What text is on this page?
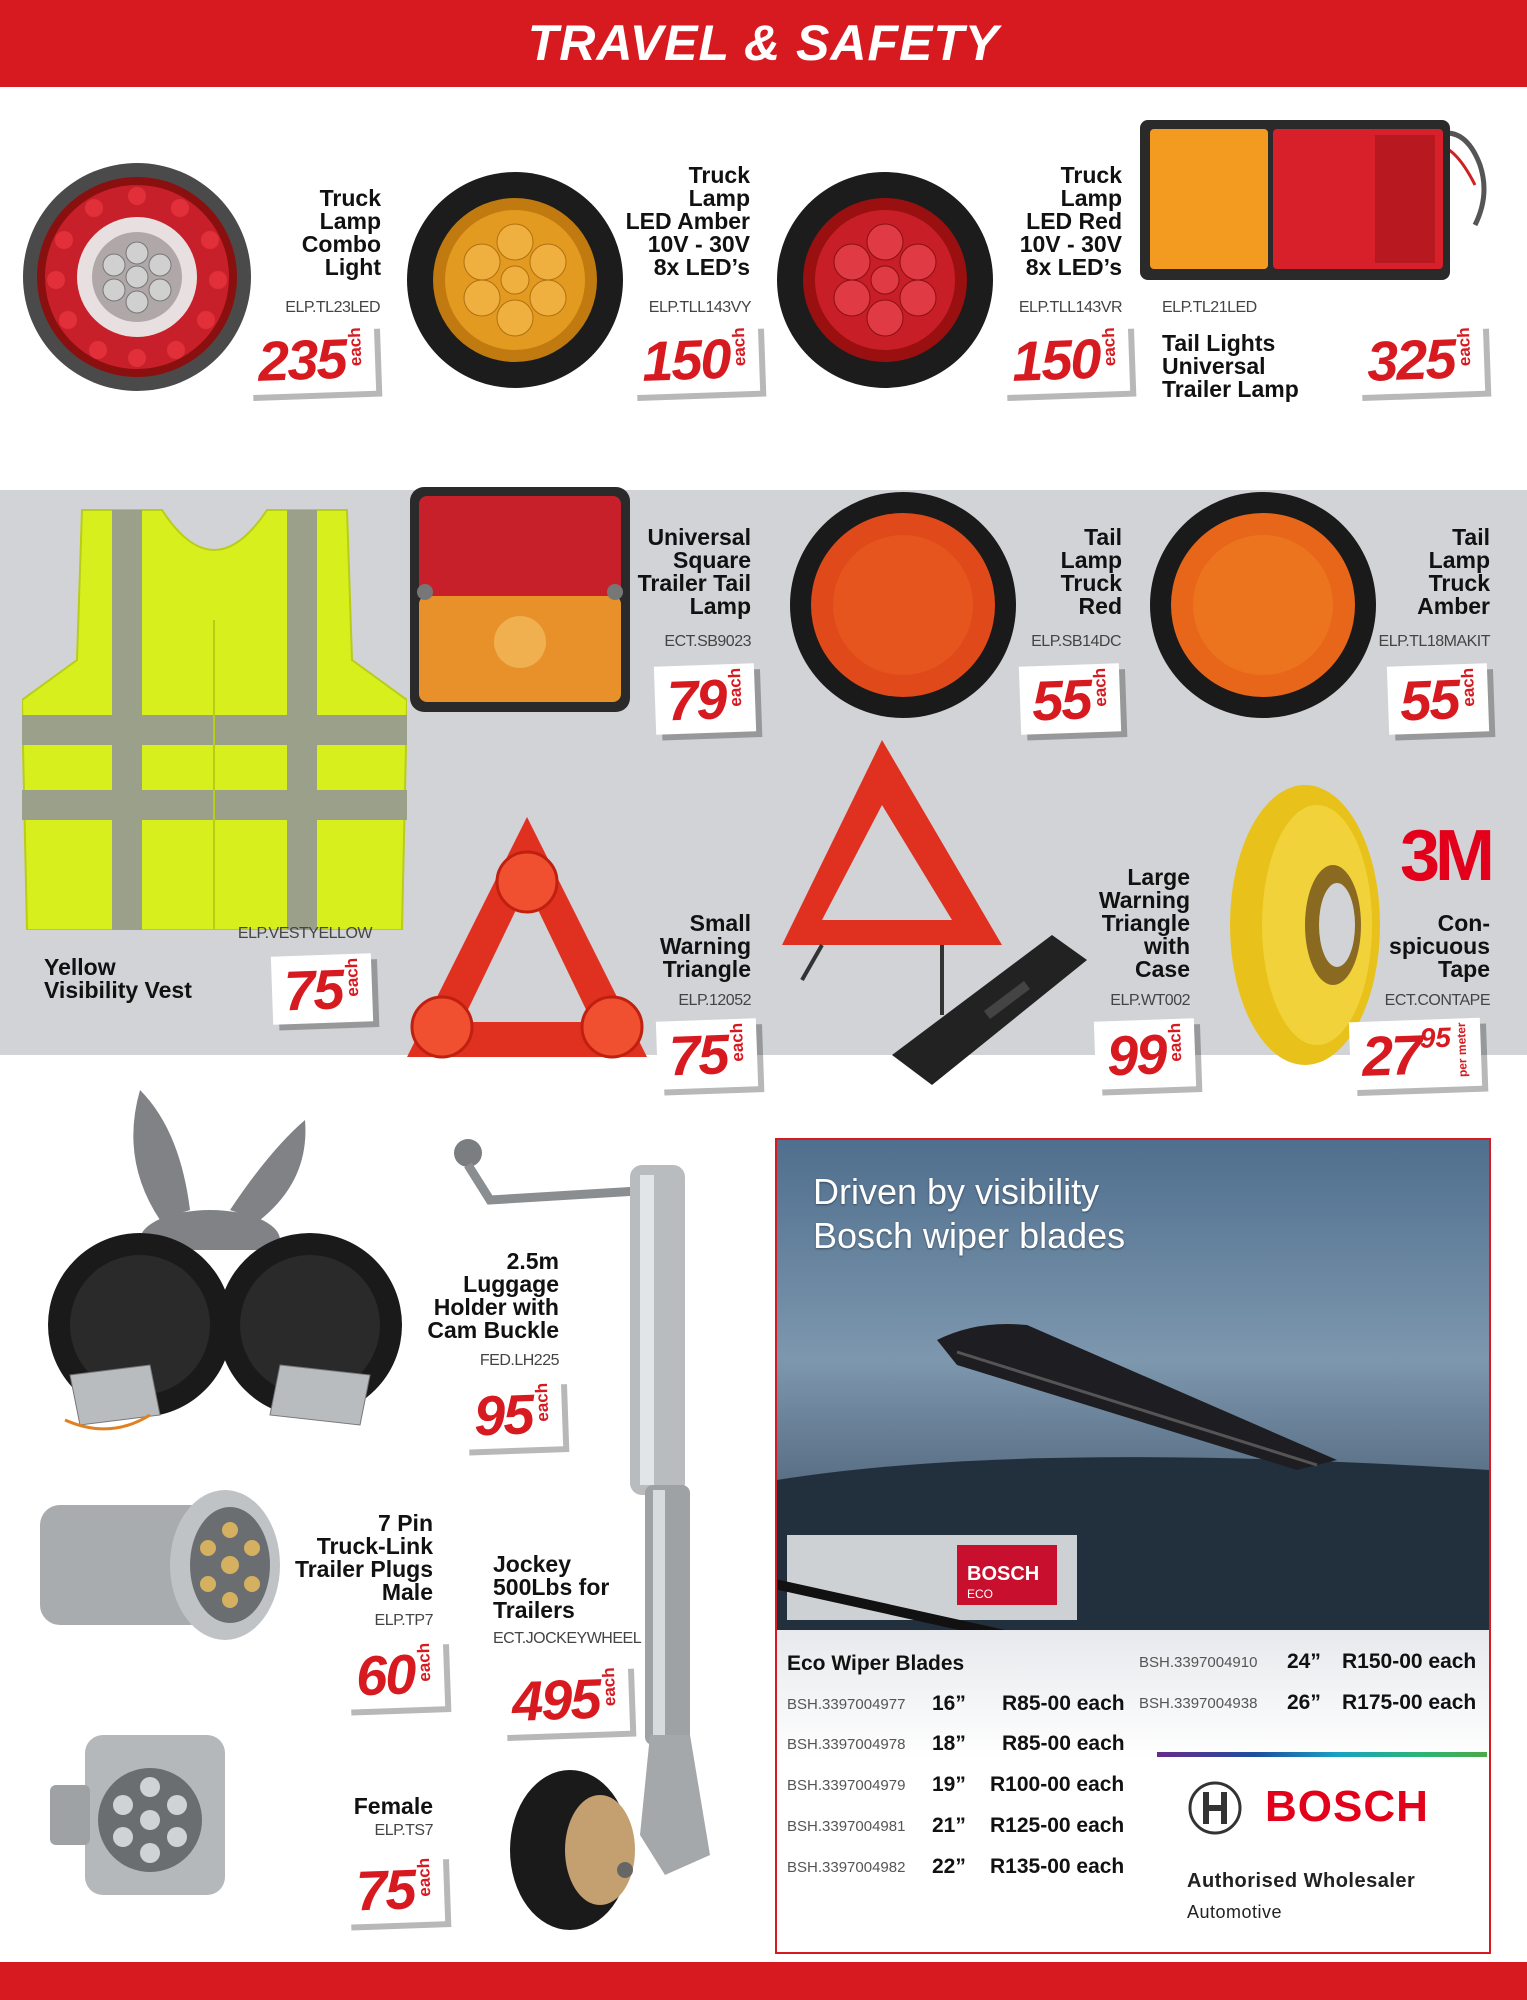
TRAVEL & SAFETY
Truck
Lamp
Combo
Light
ELP.TL23LED
235
each
Truck
Lamp
LED Amber
10V - 30V
8x LED’s
ELP.TLL143VY
150
each
Truck
Lamp
LED Red
10V - 30V
8x LED’s
ELP.TLL143VR
150
each
ELP.TL21LED
Tail Lights
Universal
Trailer Lamp 325
each
ELP.VESTYELLOW
Yellow
Visibility Vest 75
each
Universal
Square
Trailer Tail
Lamp
ECT.SB9023
79
each
Tail
Lamp
Truck
Red
ELP.SB14DC
55
each
Tail
Lamp
Truck
Amber
ELP.TL18MAKIT
55
each
Small
Warning
Triangle
ELP.12052
75
each
Large
Warning
Triangle
with
Case
ELP.WT002
99
each
3M
Con-
spicuous
Tape
ECT.CONTAPE
27
95 per meter
2.5m
Luggage
Holder with
Cam Buckle
FED.LH225
95
each
7 Pin
Truck-Link
Trailer Plugs
Male
ELP.TP7
60
each
Female
ELP.TS7
75
each
Jockey
500Lbs for
Trailers
ECT.JOCKEYWHEEL
495
each
BOSCH
ECO
Driven by visibility
Bosch wiper blades
Eco Wiper Blades
BSH.3397004977 16” R85-00 each
BSH.3397004978 18” R85-00 each
BSH.3397004979 19” R100-00 each
BSH.3397004981 21” R125-00 each
BSH.3397004982 22” R135-00 each
BSH.3397004910 24” R150-00 each
BSH.3397004938 26” R175-00 each
BOSCH
Authorised Wholesaler
Automotive
